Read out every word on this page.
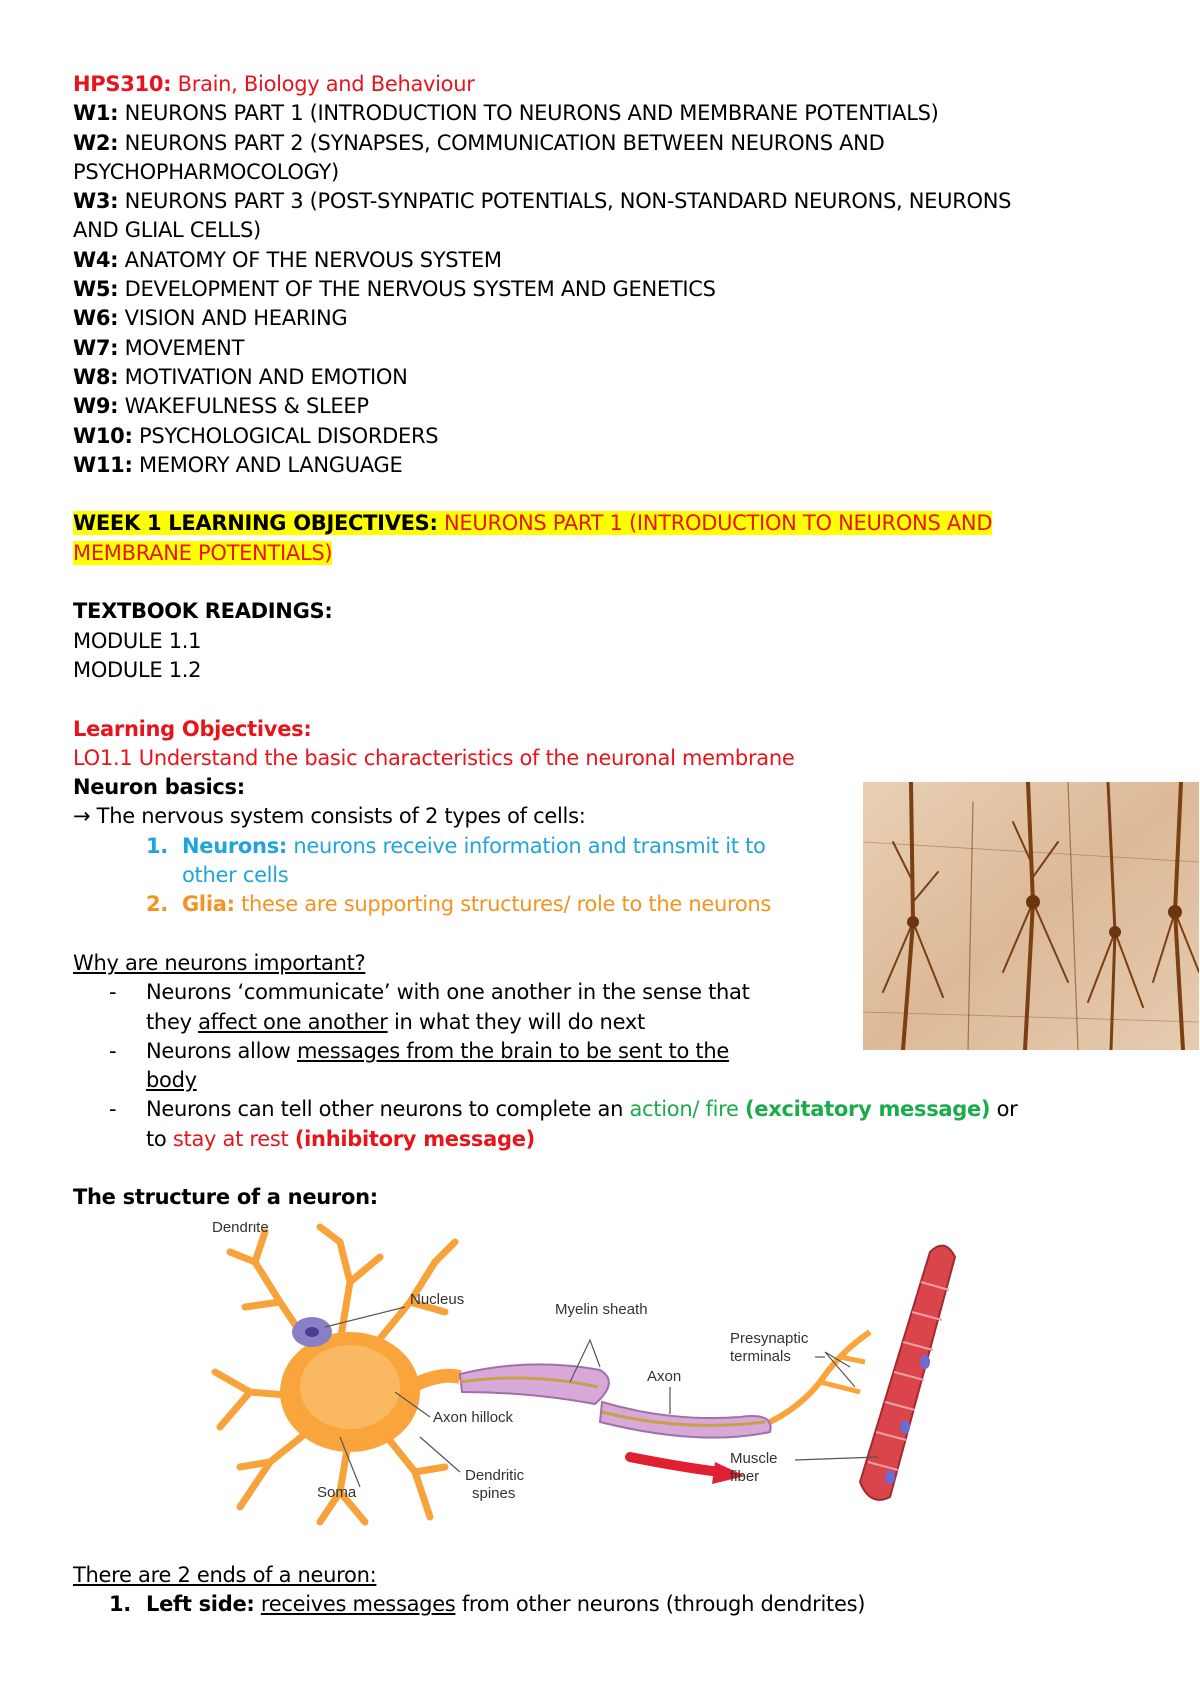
HPS310: Brain, Biology and Behaviour
W1: NEURONS PART 1 (INTRODUCTION TO NEURONS AND MEMBRANE POTENTIALS)
W2: NEURONS PART 2 (SYNAPSES, COMMUNICATION BETWEEN NEURONS AND
PSYCHOPHARMOCOLOGY)
W3: NEURONS PART 3 (POST-SYNPATIC POTENTIALS, NON-STANDARD NEURONS, NEURONS
AND GLIAL CELLS)
W4: ANATOMY OF THE NERVOUS SYSTEM
W5: DEVELOPMENT OF THE NERVOUS SYSTEM AND GENETICS
W6: VISION AND HEARING
W7: MOVEMENT
W8: MOTIVATION AND EMOTION
W9: WAKEFULNESS & SLEEP
W10: PSYCHOLOGICAL DISORDERS
W11: MEMORY AND LANGUAGE
WEEK 1 LEARNING OBJECTIVES: NEURONS PART 1 (INTRODUCTION TO NEURONS AND
MEMBRANE POTENTIALS)
TEXTBOOK READINGS:
MODULE 1.1
MODULE 1.2
Learning Objectives:
LO1.1 Understand the basic characteristics of the neuronal membrane
Neuron basics:
→ The nervous system consists of 2 types of cells:
1. Neurons: neurons receive information and transmit it to
other cells
2. Glia: these are supporting structures/ role to the neurons
Why are neurons important?
- Neurons ‘communicate’ with one another in the sense that
they affect one another in what they will do next
- Neurons allow messages from the brain to be sent to the
body
- Neurons can tell other neurons to complete an action/ fire (excitatory message) or
to stay at rest (inhibitory message)
The structure of a neuron:
Dendrite
Nucleus
Myelin sheath
Axon
Presynaptic
terminals
Axon hillock
Soma
Dendritic
spines
Muscle
fiber
There are 2 ends of a neuron:
1. Left side: receives messages from other neurons (through dendrites)
